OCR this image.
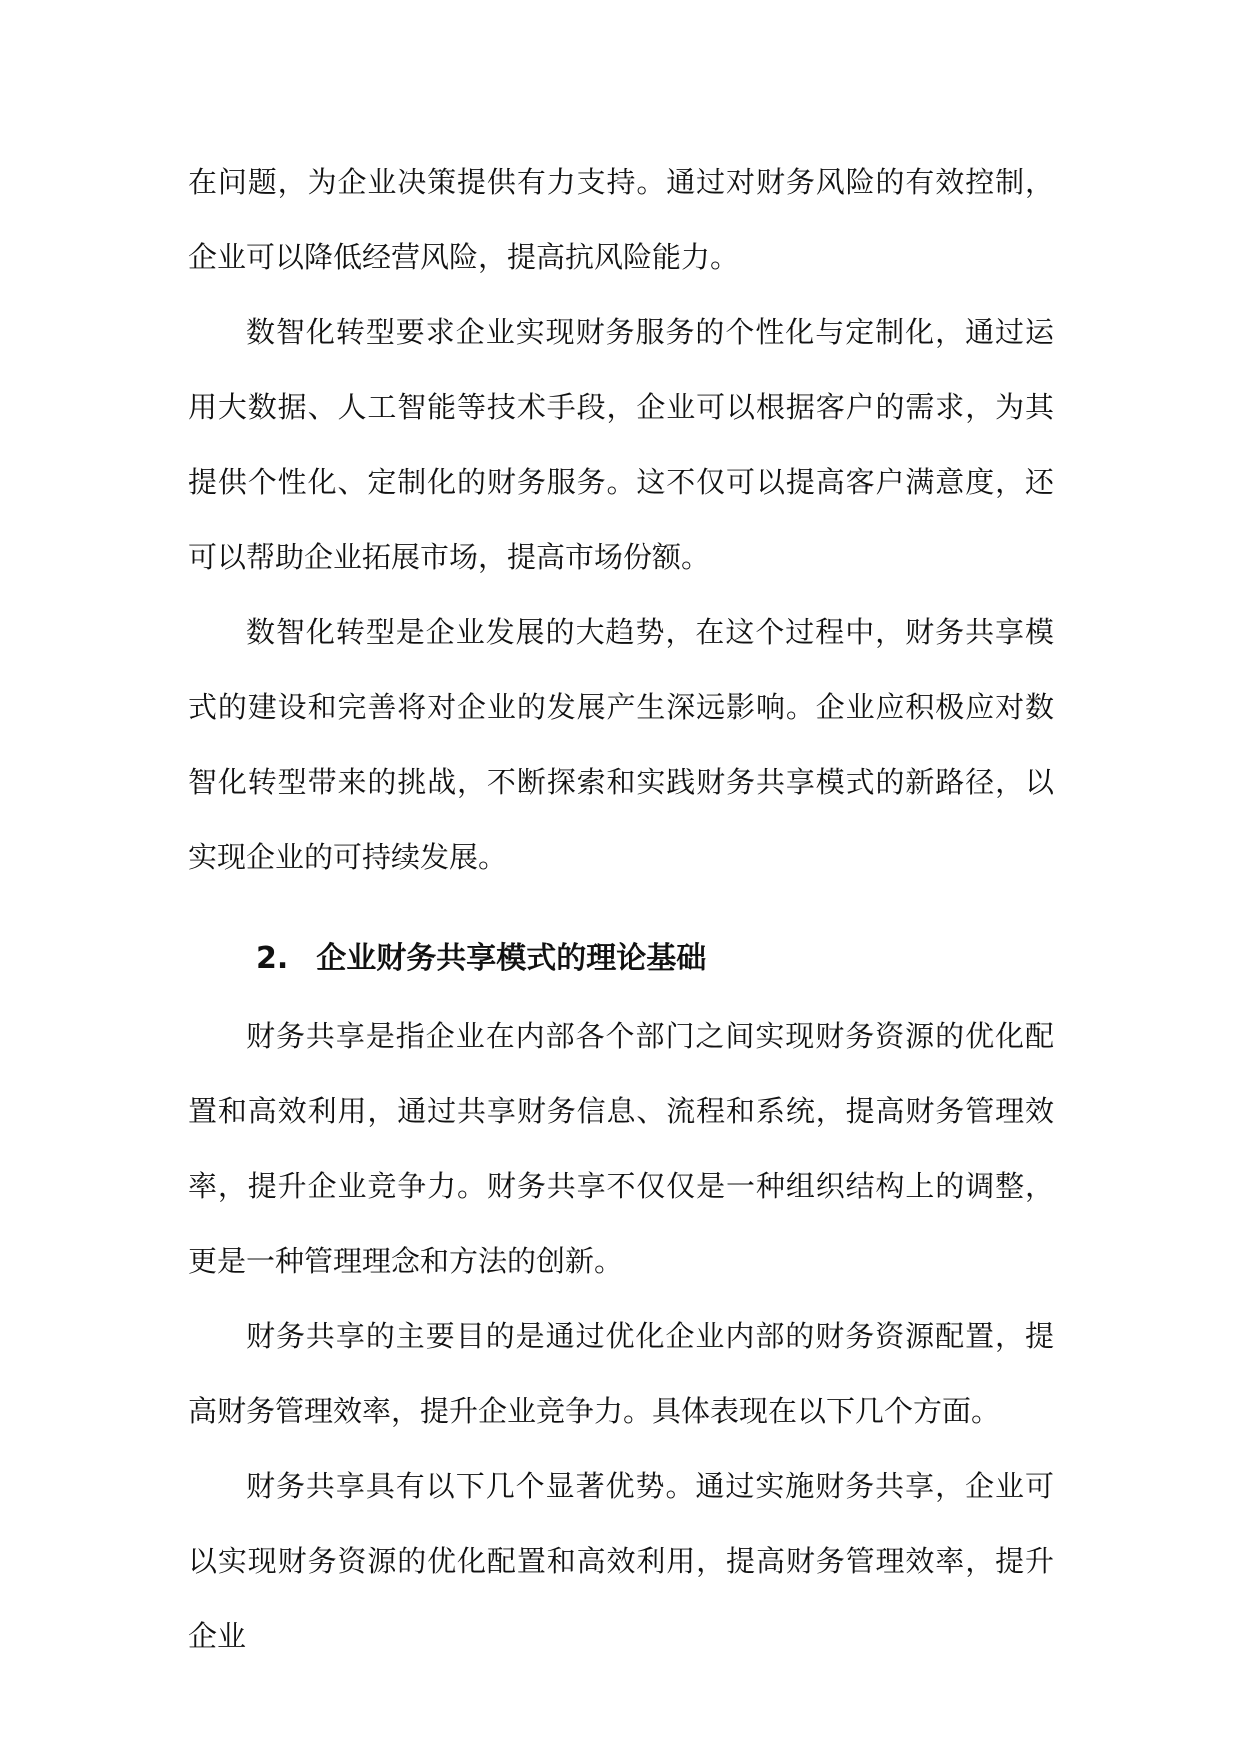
在问题，为企业决策提供有力支持。通过对财务风险的有效控制，企业可以降低经营风险，提高抗风险能力。

数智化转型要求企业实现财务服务的个性化与定制化，通过运用大数据、人工智能等技术手段，企业可以根据客户的需求，为其提供个性化、定制化的财务服务。这不仅可以提高客户满意度，还可以帮助企业拓展市场，提高市场份额。

数智化转型是企业发展的大趋势，在这个过程中，财务共享模式的建设和完善将对企业的发展产生深远影响。企业应积极应对数智化转型带来的挑战，不断探索和实践财务共享模式的新路径，以实现企业的可持续发展。

2. 企业财务共享模式的理论基础

财务共享是指企业在内部各个部门之间实现财务资源的优化配置和高效利用，通过共享财务信息、流程和系统，提高财务管理效率，提升企业竞争力。财务共享不仅仅是一种组织结构上的调整，更是一种管理理念和方法的创新。

财务共享的主要目的是通过优化企业内部的财务资源配置，提高财务管理效率，提升企业竞争力。具体表现在以下几个方面。

财务共享具有以下几个显著优势。通过实施财务共享，企业可以实现财务资源的优化配置和高效利用，提高财务管理效率，提升企业
